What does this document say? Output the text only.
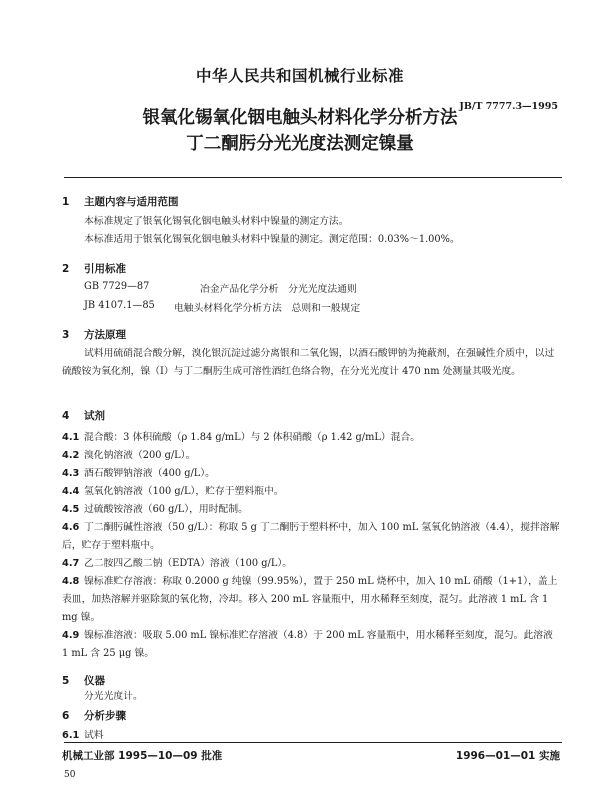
中华人民共和国机械行业标准
JB/T 7777.3—1995
银氧化锡氧化铟电触头材料化学分析方法
丁二酮肟分光光度法测定镍量
1 主题内容与适用范围
本标准规定了银氧化锡氧化铟电触头材料中镍量的测定方法。
本标准适用于银氧化锡氧化铟电触头材料中镍量的测定。测定范围：0.03%～1.00%。
2 引用标准
GB 7729—87	冶金产品化学分析　分光光度法通则
JB 4107.1—85 电触头材料化学分析方法　总则和一般规定
3 方法原理
试料用硫硝混合酸分解，溴化银沉淀过滤分离银和二氧化锡，以酒石酸钾钠为掩蔽剂，在强碱性介质中，以过硫酸铵为氧化剂，镍（Ⅰ）与丁二酮肟生成可溶性酒红色络合物，在分光光度计 470 nm 处测量其吸光度。
4 试剂
4.1 混合酸：3 体积硫酸（ρ 1.84 g/mL）与 2 体积硝酸（ρ 1.42 g/mL）混合。
4.2 溴化钠溶液（200 g/L）。
4.3 酒石酸钾钠溶液（400 g/L）。
4.4 氢氧化钠溶液（100 g/L），贮存于塑料瓶中。
4.5 过硫酸铵溶液（60 g/L），用时配制。
4.6 丁二酮肟碱性溶液（50 g/L）：称取 5 g 丁二酮肟于塑料杯中，加入 100 mL 氢氧化钠溶液（4.4），搅拌溶解后，贮存于塑料瓶中。
4.7 乙二胺四乙酸二钠（EDTA）溶液（100 g/L）。
4.8 镍标准贮存溶液：称取 0.2000 g 纯镍（99.95%），置于 250 mL 烧杯中，加入 10 mL 硝酸（1+1），盖上表皿，加热溶解并驱除氮的氧化物，冷却。移入 200 mL 容量瓶中，用水稀释至刻度，混匀。此溶液 1 mL 含 1 mg 镍。
4.9 镍标准溶液：吸取 5.00 mL 镍标准贮存溶液（4.8）于 200 mL 容量瓶中，用水稀释至刻度，混匀。此溶液 1 mL 含 25 μg 镍。
5 仪器
分光光度计。
6 分析步骤
6.1 试料
机械工业部 1995—10—09 批准	1996—01—01 实施
50
